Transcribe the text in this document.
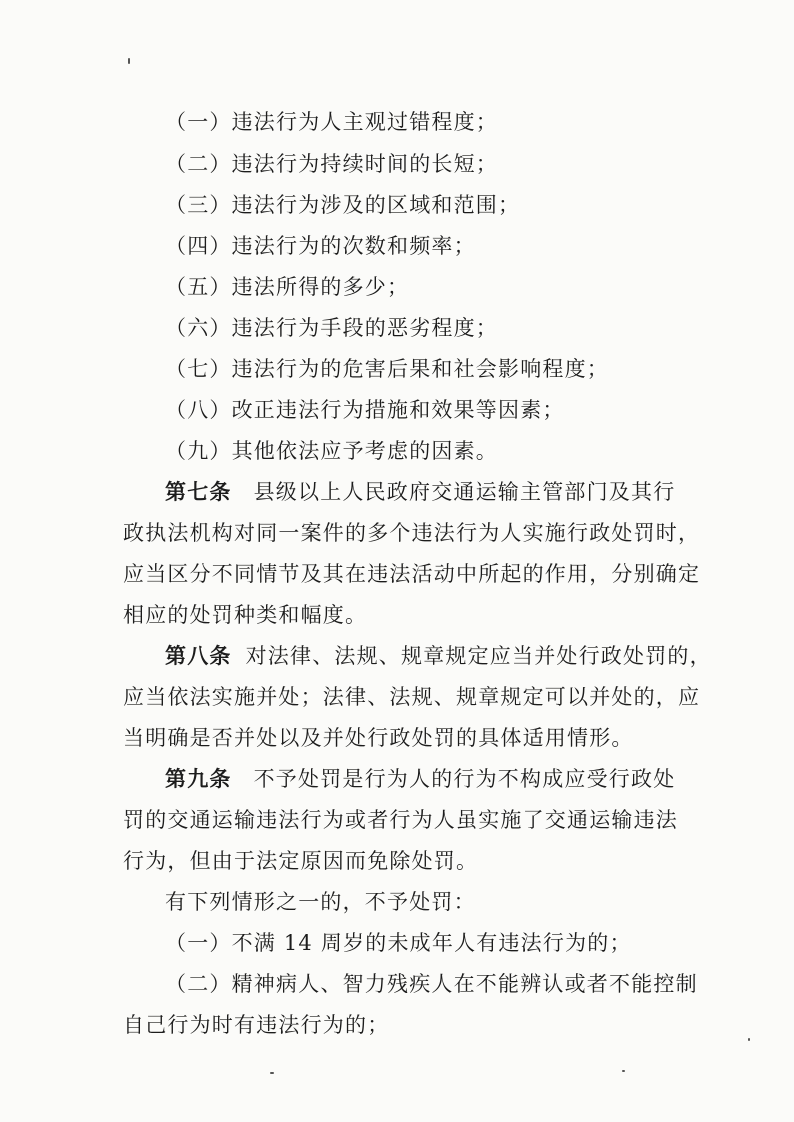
（一）违法行为人主观过错程度；
（二）违法行为持续时间的长短；
（三）违法行为涉及的区域和范围；
（四）违法行为的次数和频率；
（五）违法所得的多少；
（六）违法行为手段的恶劣程度；
（七）违法行为的危害后果和社会影响程度；
（八）改正违法行为措施和效果等因素；
（九）其他依法应予考虑的因素。
第七条 县级以上人民政府交通运输主管部门及其行
政执法机构对同一案件的多个违法行为人实施行政处罚时，
应当区分不同情节及其在违法活动中所起的作用，分别确定
相应的处罚种类和幅度。
第八条 对法律、法规、规章规定应当并处行政处罚的，
应当依法实施并处；法律、法规、规章规定可以并处的，应
当明确是否并处以及并处行政处罚的具体适用情形。
第九条 不予处罚是行为人的行为不构成应受行政处
罚的交通运输违法行为或者行为人虽实施了交通运输违法
行为，但由于法定原因而免除处罚。
有下列情形之一的，不予处罚：
（一）不满 14 周岁的未成年人有违法行为的；
（二）精神病人、智力残疾人在不能辨认或者不能控制
自己行为时有违法行为的；
